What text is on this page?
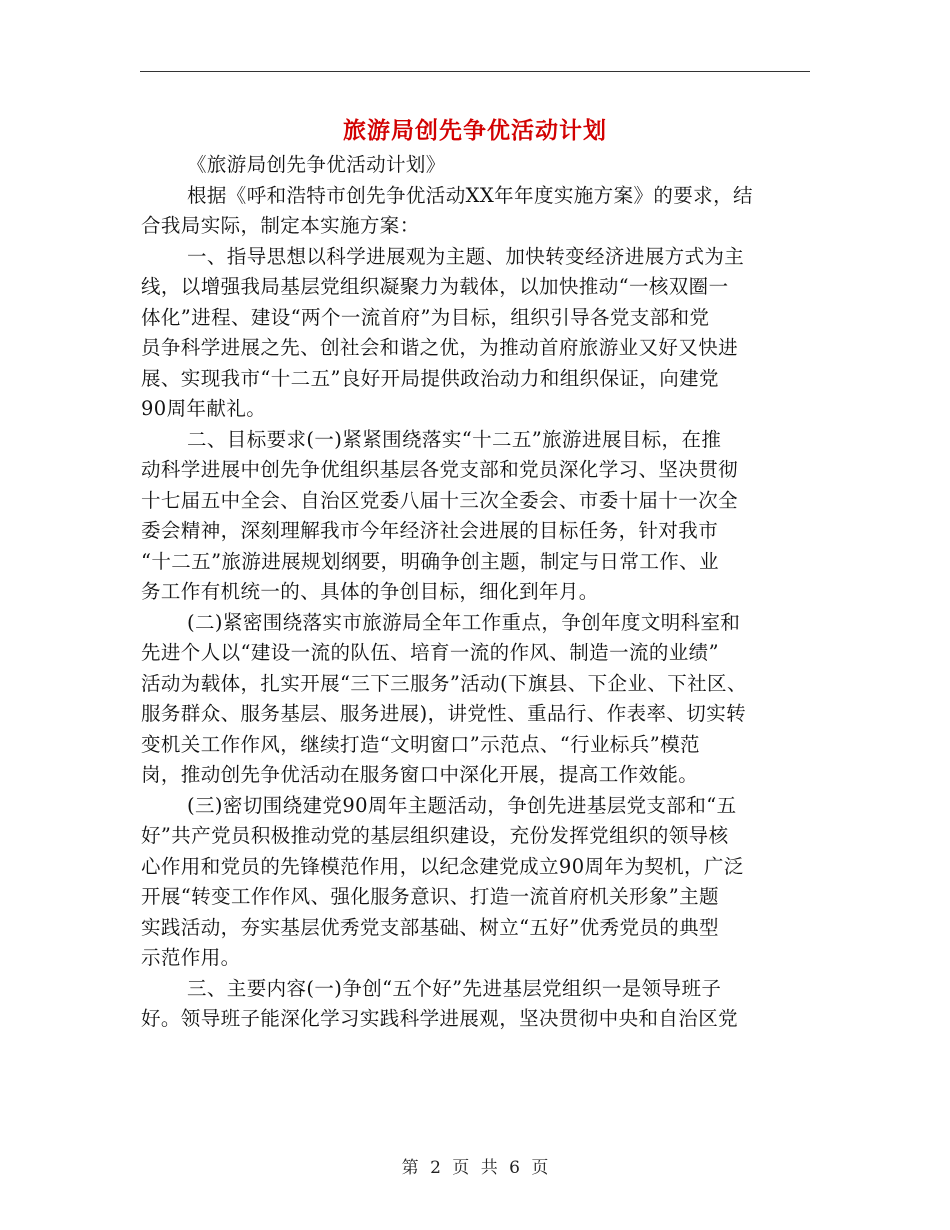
旅游局创先争优活动计划
《旅游局创先争优活动计划》
根据《呼和浩特市创先争优活动XX年年度实施方案》的要求，结
合我局实际，制定本实施方案：
一、指导思想以科学进展观为主题、加快转变经济进展方式为主
线，以增强我局基层党组织凝聚力为载体，以加快推动“一核双圈一
体化”进程、建设“两个一流首府”为目标，组织引导各党支部和党
员争科学进展之先、创社会和谐之优，为推动首府旅游业又好又快进
展、实现我市“十二五”良好开局提供政治动力和组织保证，向建党
90周年献礼。
二、目标要求(一)紧紧围绕落实“十二五”旅游进展目标，在推
动科学进展中创先争优组织基层各党支部和党员深化学习、坚决贯彻
十七届五中全会、自治区党委八届十三次全委会、市委十届十一次全
委会精神，深刻理解我市今年经济社会进展的目标任务，针对我市
“十二五”旅游进展规划纲要，明确争创主题，制定与日常工作、业
务工作有机统一的、具体的争创目标，细化到年月。
(二)紧密围绕落实市旅游局全年工作重点，争创年度文明科室和
先进个人以“建设一流的队伍、培育一流的作风、制造一流的业绩”
活动为载体，扎实开展“三下三服务”活动(下旗县、下企业、下社区、
服务群众、服务基层、服务进展)，讲党性、重品行、作表率、切实转
变机关工作作风，继续打造“文明窗口”示范点、“行业标兵”模范
岗，推动创先争优活动在服务窗口中深化开展，提高工作效能。
(三)密切围绕建党90周年主题活动，争创先进基层党支部和“五
好”共产党员积极推动党的基层组织建设，充份发挥党组织的领导核
心作用和党员的先锋模范作用，以纪念建党成立90周年为契机，广泛
开展“转变工作作风、强化服务意识、打造一流首府机关形象”主题
实践活动，夯实基层优秀党支部基础、树立“五好”优秀党员的典型
示范作用。
三、主要内容(一)争创“五个好”先进基层党组织一是领导班子
好。领导班子能深化学习实践科学进展观，坚决贯彻中央和自治区党
第 2 页 共 6 页
